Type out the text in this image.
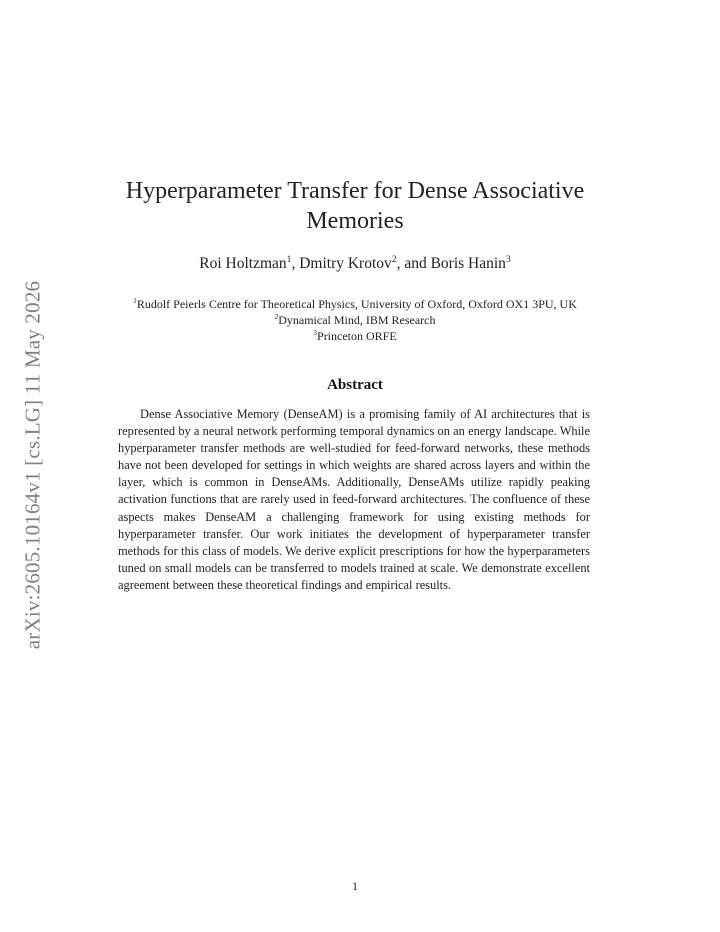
arXiv:2605.10164v1 [cs.LG] 11 May 2026
Hyperparameter Transfer for Dense Associative Memories
Roi Holtzman$^1$, Dmitry Krotov$^2$, and Boris Hanin$^3$
$^1$Rudolf Peierls Centre for Theoretical Physics, University of Oxford, Oxford OX1 3PU, UK
$^2$Dynamical Mind, IBM Research
$^3$Princeton ORFE
Abstract

Dense Associative Memory (DenseAM) is a promising family of AI architectures that is represented by a neural network performing temporal dynamics on an energy landscape. While hyperparameter transfer methods are well-studied for feed-forward networks, these methods have not been developed for settings in which weights are shared across layers and within the layer, which is common in DenseAMs. Additionally, DenseAMs utilize rapidly peaking activation functions that are rarely used in feed-forward architectures. The confluence of these aspects makes DenseAM a challenging framework for using existing methods for hyperparameter transfer. Our work initiates the development of hyperparameter transfer methods for this class of models. We derive explicit prescriptions for how the hyperparameters tuned on small models can be transferred to models trained at scale. We demonstrate excellent agreement between these theoretical findings and empirical results.

1
